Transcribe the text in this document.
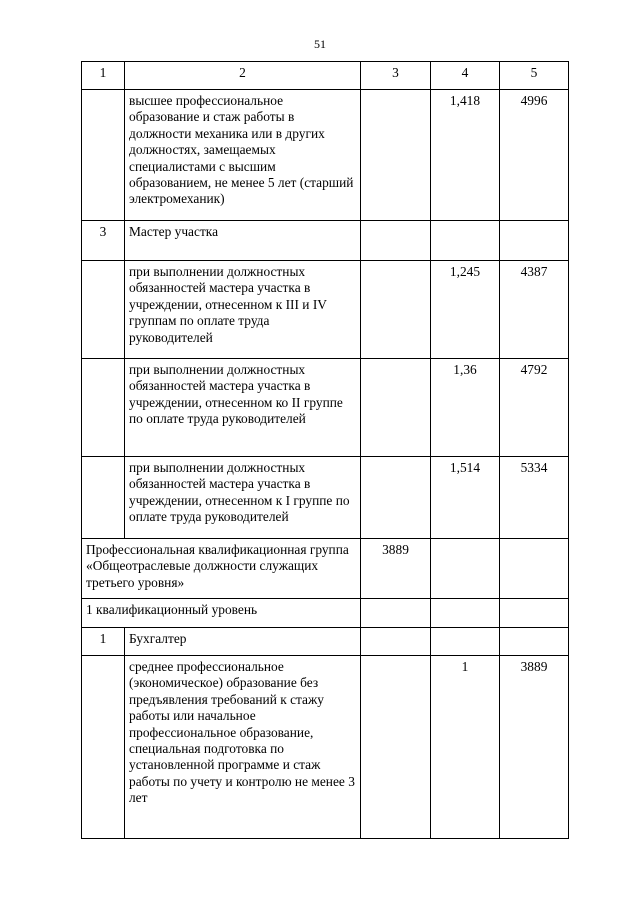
51
1	2	3	4	5
	высшее профессиональное образование и стаж работы в должности механика или в других должностях, замещаемых специалистами с высшим образованием, не менее 5 лет (старший электромеханик)		1,418	4996
3	Мастер участка			
	при выполнении должностных обязанностей мастера участка в учреждении, отнесенном к III и IV группам по оплате труда руководителей		1,245	4387
	при выполнении должностных обязанностей мастера участка в учреждении, отнесенном ко II группе по оплате труда руководителей		1,36	4792
	при выполнении должностных обязанностей мастера участка в учреждении, отнесенном к I группе по оплате труда руководителей		1,514	5334
Профессиональная квалификационная группа «Общеотраслевые должности служащих третьего уровня»		3889		
1 квалификационный уровень				
1	Бухгалтер			
	среднее профессиональное (экономическое) образование без предъявления требований к стажу работы или начальное профессиональное образование, специальная подготовка по установленной программе и стаж работы по учету и контролю не менее 3 лет		1	3889
